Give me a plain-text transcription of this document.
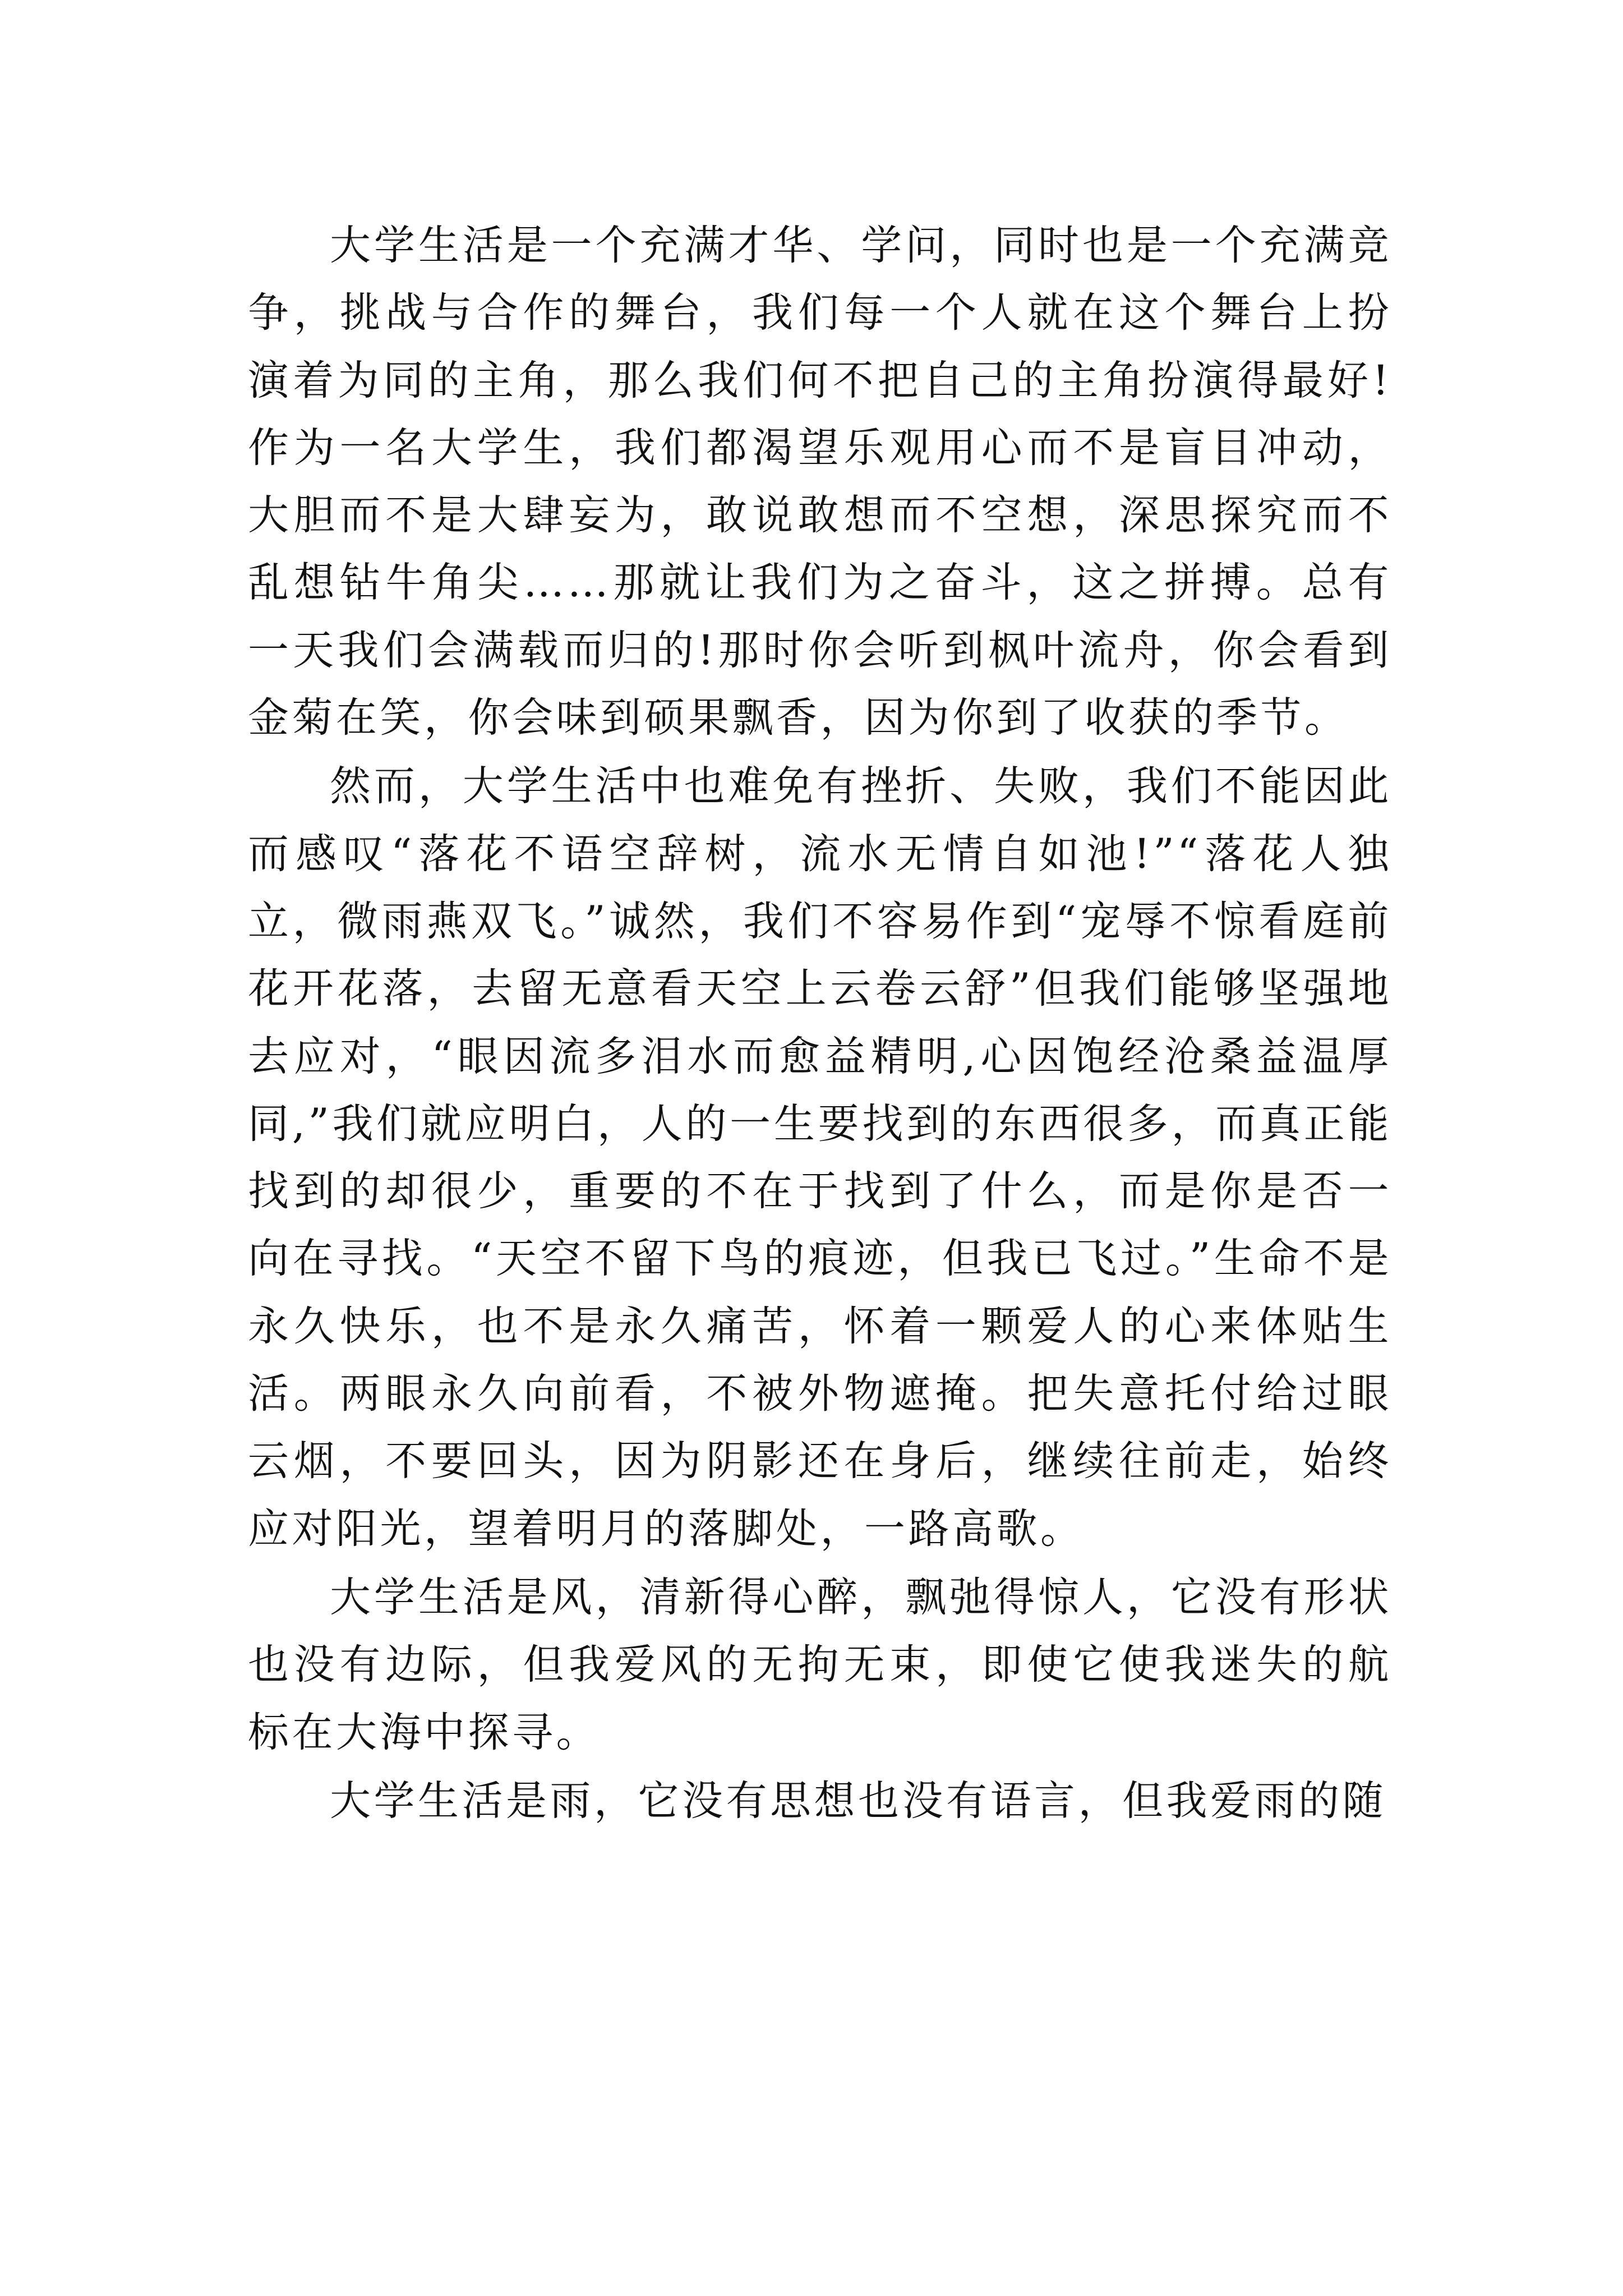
大学生活是一个充满才华、学问，同时也是一个充满竞争，挑战与合作的舞台，我们每一个人就在这个舞台上扮演着为同的主角，那么我们何不把自己的主角扮演得最好!作为一名大学生，我们都渴望乐观用心而不是盲目冲动，大胆而不是大肆妄为，敢说敢想而不空想，深思探究而不乱想钻牛角尖……那就让我们为之奋斗，这之拼搏。总有一天我们会满载而归的!那时你会听到枫叶流舟，你会看到金菊在笑，你会味到硕果飘香，因为你到了收获的季节。

然而，大学生活中也难免有挫折、失败，我们不能因此而感叹“落花不语空辞树，流水无情自如池!”“落花人独立，微雨燕双飞。”诚然，我们不容易作到“宠辱不惊看庭前花开花落，去留无意看天空上云卷云舒”但我们能够坚强地去应对，“眼因流多泪水而愈益精明,心因饱经沧桑益温厚同,”我们就应明白，人的一生要找到的东西很多，而真正能找到的却很少，重要的不在于找到了什么，而是你是否一向在寻找。“天空不留下鸟的痕迹，但我已飞过。”生命不是永久快乐，也不是永久痛苦，怀着一颗爱人的心来体贴生活。两眼永久向前看，不被外物遮掩。把失意托付给过眼云烟，不要回头，因为阴影还在身后，继续往前走，始终应对阳光，望着明月的落脚处，一路高歌。

大学生活是风，清新得心醉，飘弛得惊人，它没有形状也没有边际，但我爱风的无拘无束，即使它使我迷失的航标在大海中探寻。

大学生活是雨，它没有思想也没有语言，但我爱雨的随
